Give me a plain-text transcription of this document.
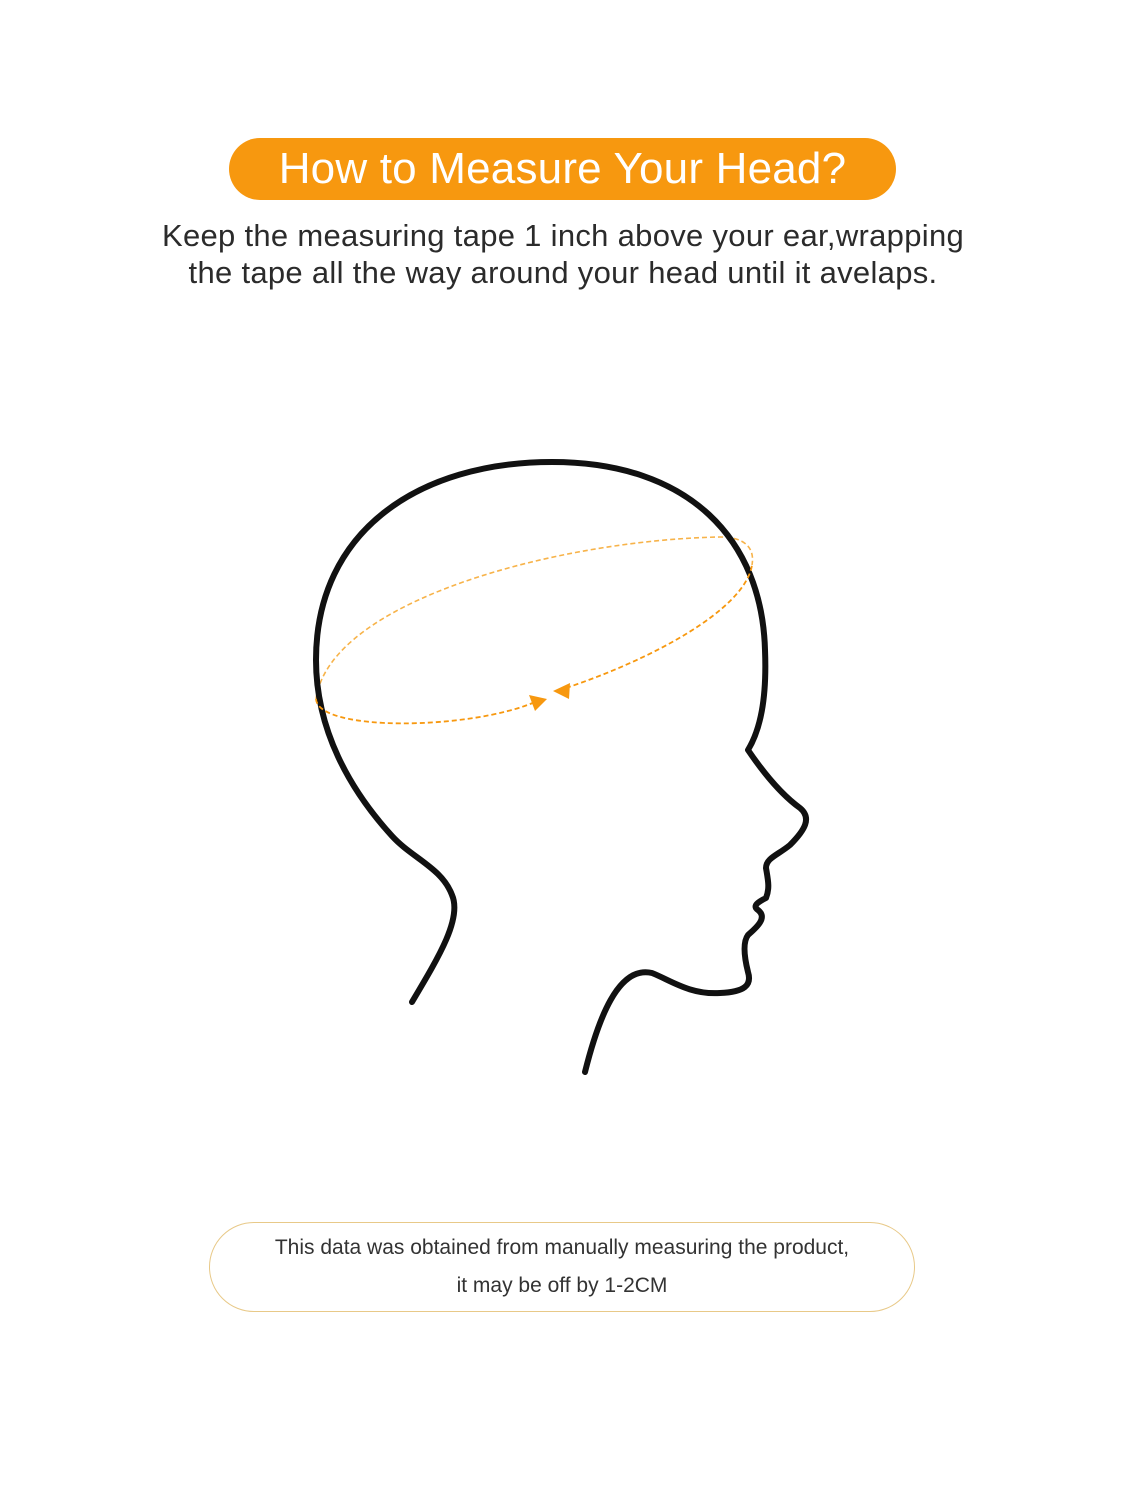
How to Measure Your Head?
Keep the measuring tape 1 inch above your ear,wrapping
the tape all the way around your head until it avelaps.
This data was obtained from manually measuring the product,
it may be off by 1-2CM
